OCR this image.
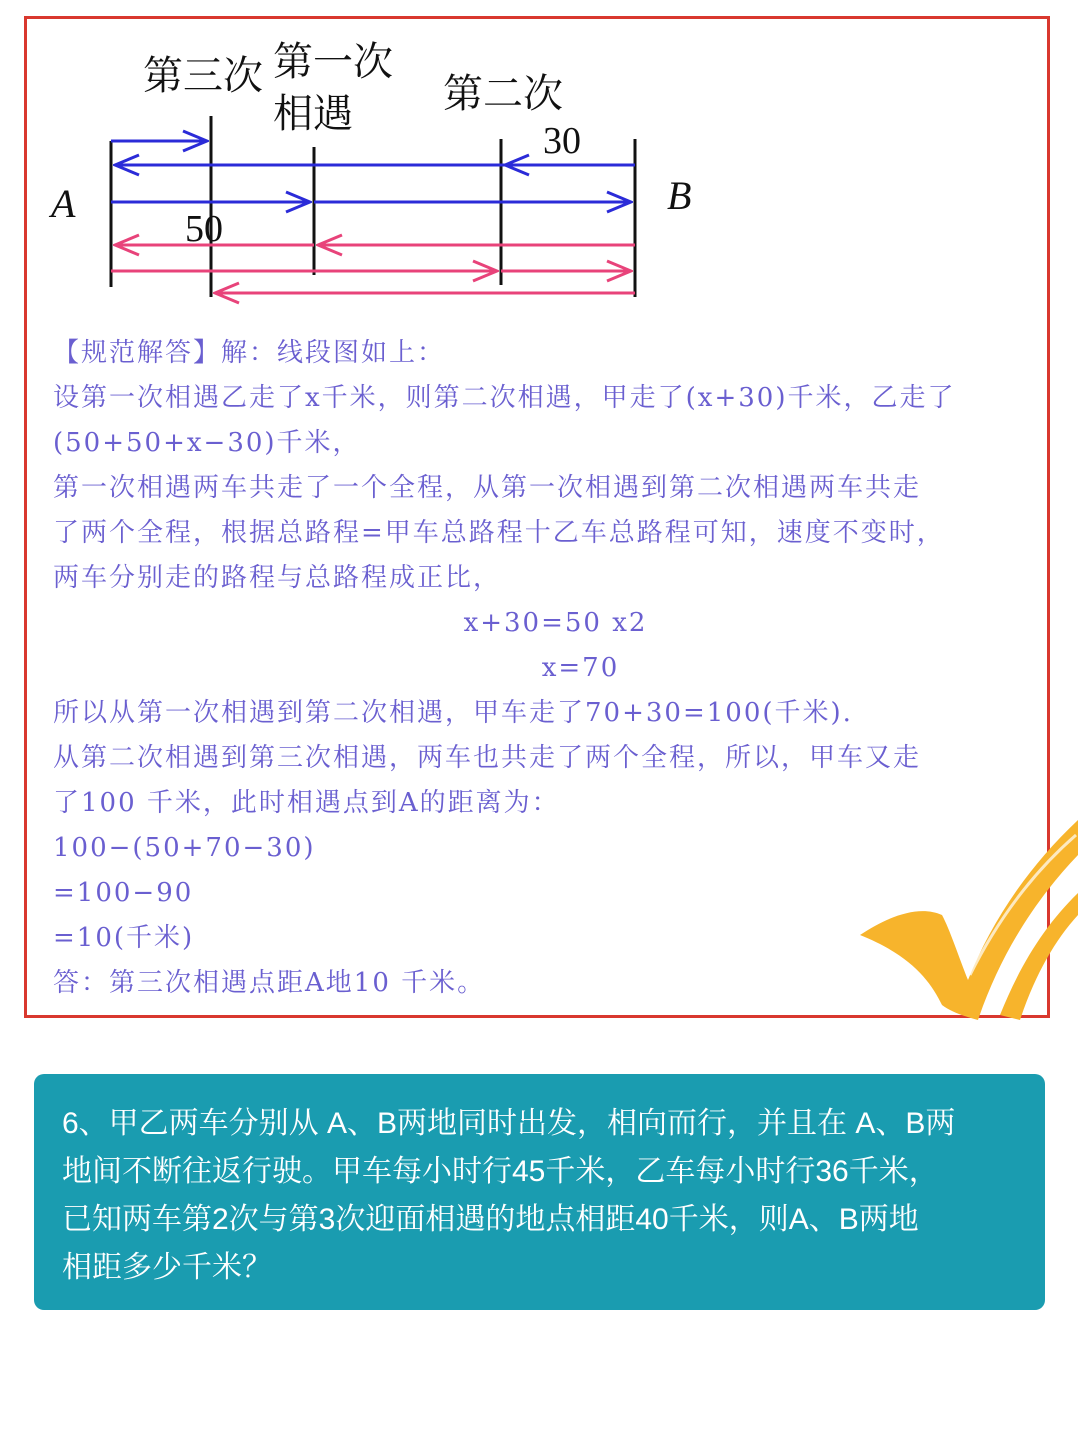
第三次 第一次
相遇 第二次
30
50
A	B
【规范解答】解：线段图如上：
设第一次相遇乙走了x千米，则第二次相遇，甲走了(x+30)千米，乙走了
(50+50+x−30)千米，
第一次相遇两车共走了一个全程，从第一次相遇到第二次相遇两车共走
了两个全程，根据总路程=甲车总路程十乙车总路程可知，速度不变时，
两车分别走的路程与总路程成正比，
x+30=50 x2
x=70
所以从第一次相遇到第二次相遇，甲车走了70+30=100(千米).
从第二次相遇到第三次相遇，两车也共走了两个全程，所以，甲车又走
了100 千米，此时相遇点到A的距离为：
100−(50+70−30)
=100−90
=10(千米)
答：第三次相遇点距A地10 千米。
6、甲乙两车分别从 A、B两地同时出发，相向而行，并且在 A、B两
地间不断往返行驶。甲车每小时行45千米，乙车每小时行36千米，
已知两车第2次与第3次迎面相遇的地点相距40千米，则A、B两地
相距多少千米？
